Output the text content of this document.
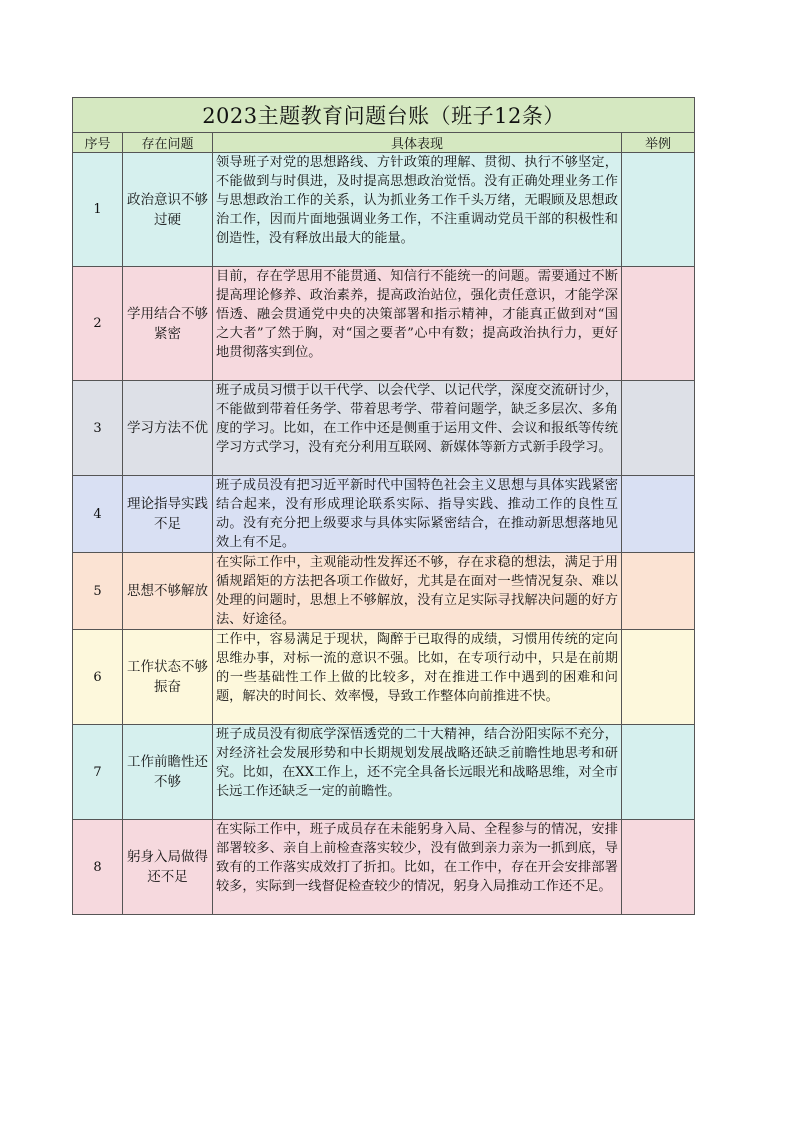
2023主题教育问题台账（班子12条）			
序号	存在问题	具体表现	举例
1	政治意识不够过硬	领导班子对党的思想路线、方针政策的理解、贯彻、执行不够坚定，不能做到与时俱进，及时提高思想政治觉悟。没有正确处理业务工作与思想政治工作的关系，认为抓业务工作千头万绪，无暇顾及思想政治工作，因而片面地强调业务工作，不注重调动党员干部的积极性和创造性，没有释放出最大的能量。	
2	学用结合不够紧密	目前，存在学思用不能贯通、知信行不能统一的问题。需要通过不断提高理论修养、政治素养，提高政治站位，强化责任意识，才能学深悟透、融会贯通党中央的决策部署和指示精神，才能真正做到对“国之大者”了然于胸，对“国之要者”心中有数；提高政治执行力，更好地贯彻落实到位。	
3	学习方法不优	班子成员习惯于以干代学、以会代学、以记代学，深度交流研讨少，不能做到带着任务学、带着思考学、带着问题学，缺乏多层次、多角度的学习。比如，在工作中还是侧重于运用文件、会议和报纸等传统学习方式学习，没有充分利用互联网、新媒体等新方式新手段学习。	
4	理论指导实践不足	班子成员没有把习近平新时代中国特色社会主义思想与具体实践紧密结合起来，没有形成理论联系实际、指导实践、推动工作的良性互动。没有充分把上级要求与具体实际紧密结合，在推动新思想落地见效上有不足。	
5	思想不够解放	在实际工作中，主观能动性发挥还不够，存在求稳的想法，满足于用循规蹈矩的方法把各项工作做好，尤其是在面对一些情况复杂、难以处理的问题时，思想上不够解放，没有立足实际寻找解决问题的好方法、好途径。	
6	工作状态不够振奋	工作中，容易满足于现状，陶醉于已取得的成绩，习惯用传统的定向思维办事，对标一流的意识不强。比如，在专项行动中，只是在前期的一些基础性工作上做的比较多，对在推进工作中遇到的困难和问题，解决的时间长、效率慢，导致工作整体向前推进不快。	
7	工作前瞻性还不够	班子成员没有彻底学深悟透党的二十大精神，结合汾阳实际不充分，对经济社会发展形势和中长期规划发展战略还缺乏前瞻性地思考和研究。比如，在XX工作上，还不完全具备长远眼光和战略思维，对全市长远工作还缺乏一定的前瞻性。	
8	躬身入局做得还不足	在实际工作中，班子成员存在未能躬身入局、全程参与的情况，安排部署较多、亲自上前检查落实较少，没有做到亲力亲为一抓到底，导致有的工作落实成效打了折扣。比如，在工作中，存在开会安排部署较多，实际到一线督促检查较少的情况，躬身入局推动工作还不足。	
